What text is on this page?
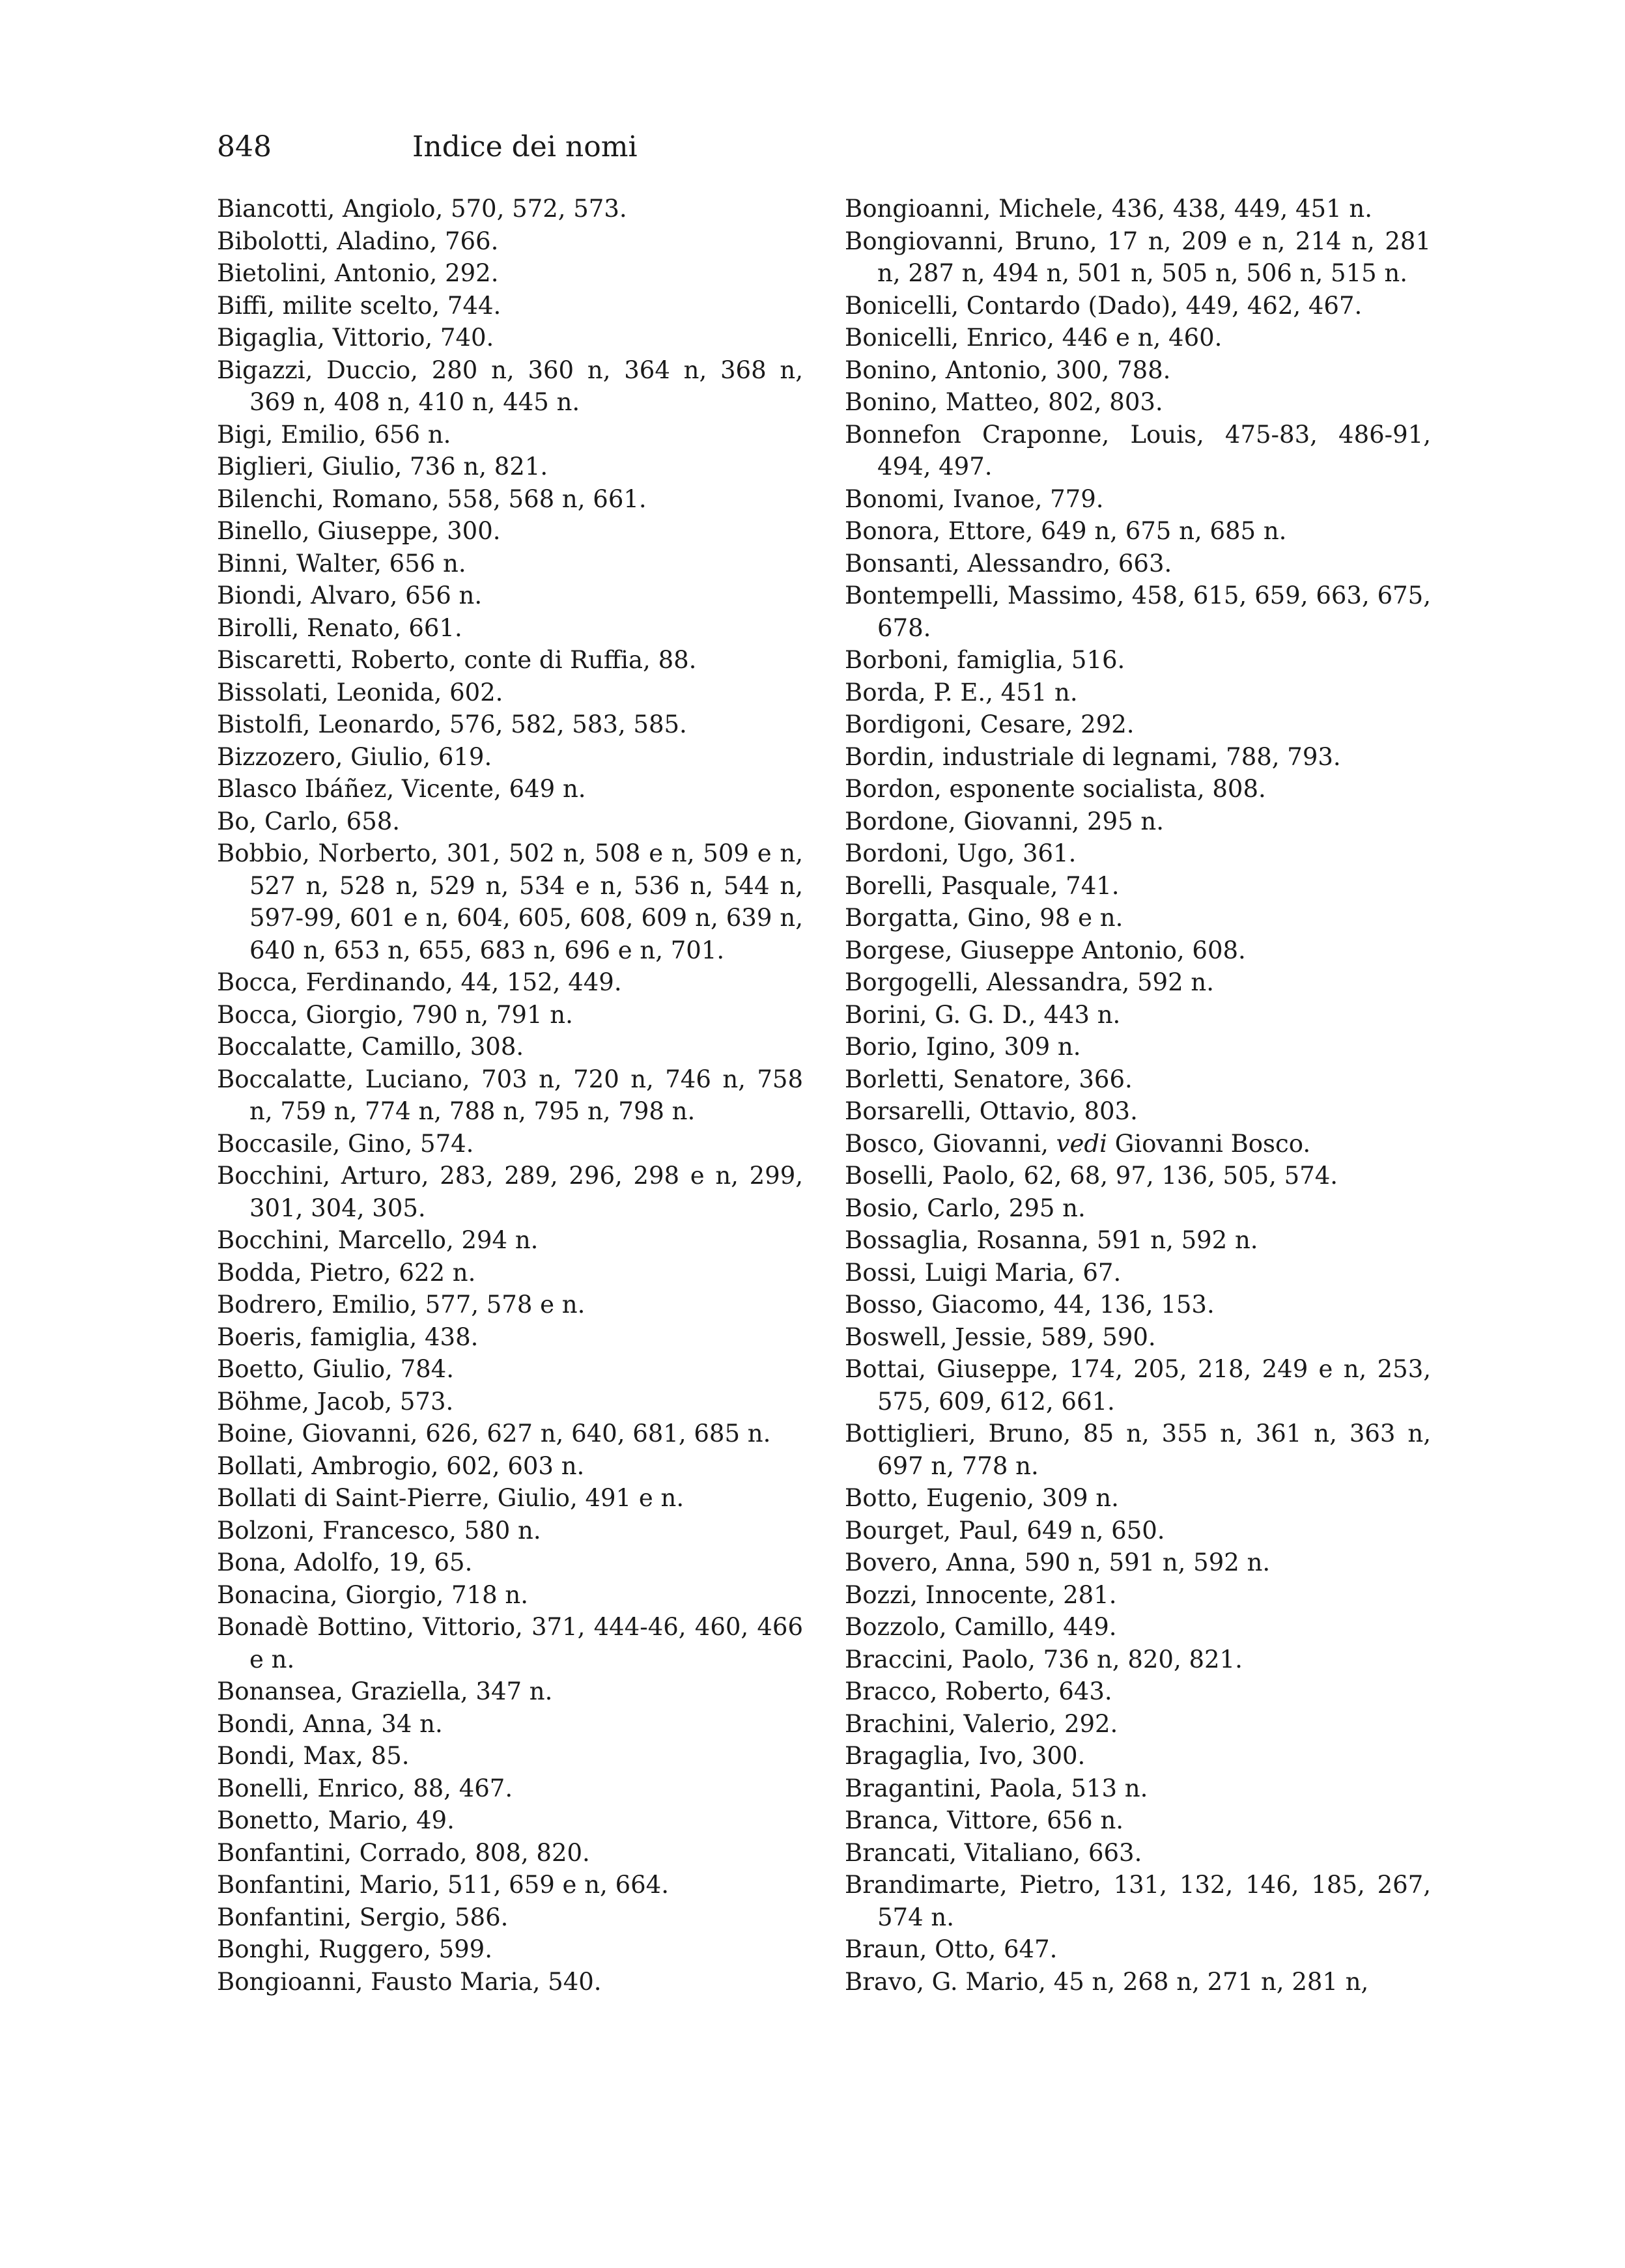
848	Indice dei nomi
Biancotti, Angiolo, 570, 572, 573.
Bibolotti, Aladino, 766.
Bietolini, Antonio, 292.
Biffi, milite scelto, 744.
Bigaglia, Vittorio, 740.
Bigazzi, Duccio, 280 n, 360 n, 364 n, 368 n, 369 n, 408 n, 410 n, 445 n.
Bigi, Emilio, 656 n.
Biglieri, Giulio, 736 n, 821.
Bilenchi, Romano, 558, 568 n, 661.
Binello, Giuseppe, 300.
Binni, Walter, 656 n.
Biondi, Alvaro, 656 n.
Birolli, Renato, 661.
Biscaretti, Roberto, conte di Ruffia, 88.
Bissolati, Leonida, 602.
Bistolfi, Leonardo, 576, 582, 583, 585.
Bizzozero, Giulio, 619.
Blasco Ibáñez, Vicente, 649 n.
Bo, Carlo, 658.
Bobbio, Norberto, 301, 502 n, 508 e n, 509 e n, 527 n, 528 n, 529 n, 534 e n, 536 n, 544 n, 597-99, 601 e n, 604, 605, 608, 609 n, 639 n, 640 n, 653 n, 655, 683 n, 696 e n, 701.
Bocca, Ferdinando, 44, 152, 449.
Bocca, Giorgio, 790 n, 791 n.
Boccalatte, Camillo, 308.
Boccalatte, Luciano, 703 n, 720 n, 746 n, 758 n, 759 n, 774 n, 788 n, 795 n, 798 n.
Boccasile, Gino, 574.
Bocchini, Arturo, 283, 289, 296, 298 e n, 299, 301, 304, 305.
Bocchini, Marcello, 294 n.
Bodda, Pietro, 622 n.
Bodrero, Emilio, 577, 578 e n.
Boeris, famiglia, 438.
Boetto, Giulio, 784.
Böhme, Jacob, 573.
Boine, Giovanni, 626, 627 n, 640, 681, 685 n.
Bollati, Ambrogio, 602, 603 n.
Bollati di Saint-Pierre, Giulio, 491 e n.
Bolzoni, Francesco, 580 n.
Bona, Adolfo, 19, 65.
Bonacina, Giorgio, 718 n.
Bonadè Bottino, Vittorio, 371, 444-46, 460, 466 e n.
Bonansea, Graziella, 347 n.
Bondi, Anna, 34 n.
Bondi, Max, 85.
Bonelli, Enrico, 88, 467.
Bonetto, Mario, 49.
Bonfantini, Corrado, 808, 820.
Bonfantini, Mario, 511, 659 e n, 664.
Bonfantini, Sergio, 586.
Bonghi, Ruggero, 599.
Bongioanni, Fausto Maria, 540.
Bongioanni, Michele, 436, 438, 449, 451 n.
Bongiovanni, Bruno, 17 n, 209 e n, 214 n, 281 n, 287 n, 494 n, 501 n, 505 n, 506 n, 515 n.
Bonicelli, Contardo (Dado), 449, 462, 467.
Bonicelli, Enrico, 446 e n, 460.
Bonino, Antonio, 300, 788.
Bonino, Matteo, 802, 803.
Bonnefon Craponne, Louis, 475-83, 486-91, 494, 497.
Bonomi, Ivanoe, 779.
Bonora, Ettore, 649 n, 675 n, 685 n.
Bonsanti, Alessandro, 663.
Bontempelli, Massimo, 458, 615, 659, 663, 675, 678.
Borboni, famiglia, 516.
Borda, P. E., 451 n.
Bordigoni, Cesare, 292.
Bordin, industriale di legnami, 788, 793.
Bordon, esponente socialista, 808.
Bordone, Giovanni, 295 n.
Bordoni, Ugo, 361.
Borelli, Pasquale, 741.
Borgatta, Gino, 98 e n.
Borgese, Giuseppe Antonio, 608.
Borgogelli, Alessandra, 592 n.
Borini, G. G. D., 443 n.
Borio, Igino, 309 n.
Borletti, Senatore, 366.
Borsarelli, Ottavio, 803.
Bosco, Giovanni, vedi Giovanni Bosco.
Boselli, Paolo, 62, 68, 97, 136, 505, 574.
Bosio, Carlo, 295 n.
Bossaglia, Rosanna, 591 n, 592 n.
Bossi, Luigi Maria, 67.
Bosso, Giacomo, 44, 136, 153.
Boswell, Jessie, 589, 590.
Bottai, Giuseppe, 174, 205, 218, 249 e n, 253, 575, 609, 612, 661.
Bottiglieri, Bruno, 85 n, 355 n, 361 n, 363 n, 697 n, 778 n.
Botto, Eugenio, 309 n.
Bourget, Paul, 649 n, 650.
Bovero, Anna, 590 n, 591 n, 592 n.
Bozzi, Innocente, 281.
Bozzolo, Camillo, 449.
Braccini, Paolo, 736 n, 820, 821.
Bracco, Roberto, 643.
Brachini, Valerio, 292.
Bragaglia, Ivo, 300.
Bragantini, Paola, 513 n.
Branca, Vittore, 656 n.
Brancati, Vitaliano, 663.
Brandimarte, Pietro, 131, 132, 146, 185, 267, 574 n.
Braun, Otto, 647.
Bravo, G. Mario, 45 n, 268 n, 271 n, 281 n,
